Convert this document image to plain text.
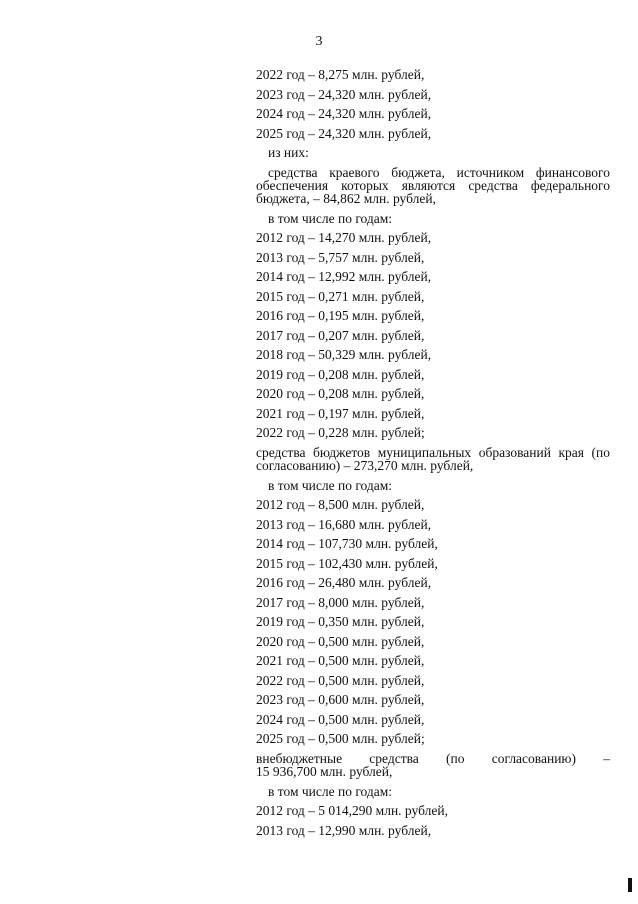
3
2022 год – 8,275 млн. рублей,
2023 год – 24,320 млн. рублей,
2024 год – 24,320 млн. рублей,
2025 год – 24,320 млн. рублей,
из них:
средства краевого бюджета, источником финансового обеспечения которых являются средства федерального бюджета, – 84,862 млн. рублей,
в том числе по годам:
2012 год – 14,270 млн. рублей,
2013 год – 5,757 млн. рублей,
2014 год – 12,992 млн. рублей,
2015 год – 0,271 млн. рублей,
2016 год – 0,195 млн. рублей,
2017 год – 0,207 млн. рублей,
2018 год – 50,329 млн. рублей,
2019 год – 0,208 млн. рублей,
2020 год – 0,208 млн. рублей,
2021 год – 0,197 млн. рублей,
2022 год – 0,228 млн. рублей;
средства бюджетов муниципальных образований края (по согласованию) – 273,270 млн. рублей,
в том числе по годам:
2012 год – 8,500 млн. рублей,
2013 год – 16,680 млн. рублей,
2014 год – 107,730 млн. рублей,
2015 год – 102,430 млн. рублей,
2016 год – 26,480 млн. рублей,
2017 год – 8,000 млн. рублей,
2019 год – 0,350 млн. рублей,
2020 год – 0,500 млн. рублей,
2021 год – 0,500 млн. рублей,
2022 год – 0,500 млн. рублей,
2023 год – 0,600 млн. рублей,
2024 год – 0,500 млн. рублей,
2025 год – 0,500 млн. рублей;
внебюджетные средства (по согласованию) –
15 936,700 млн. рублей,
в том числе по годам:
2012 год – 5 014,290 млн. рублей,
2013 год – 12,990 млн. рублей,
